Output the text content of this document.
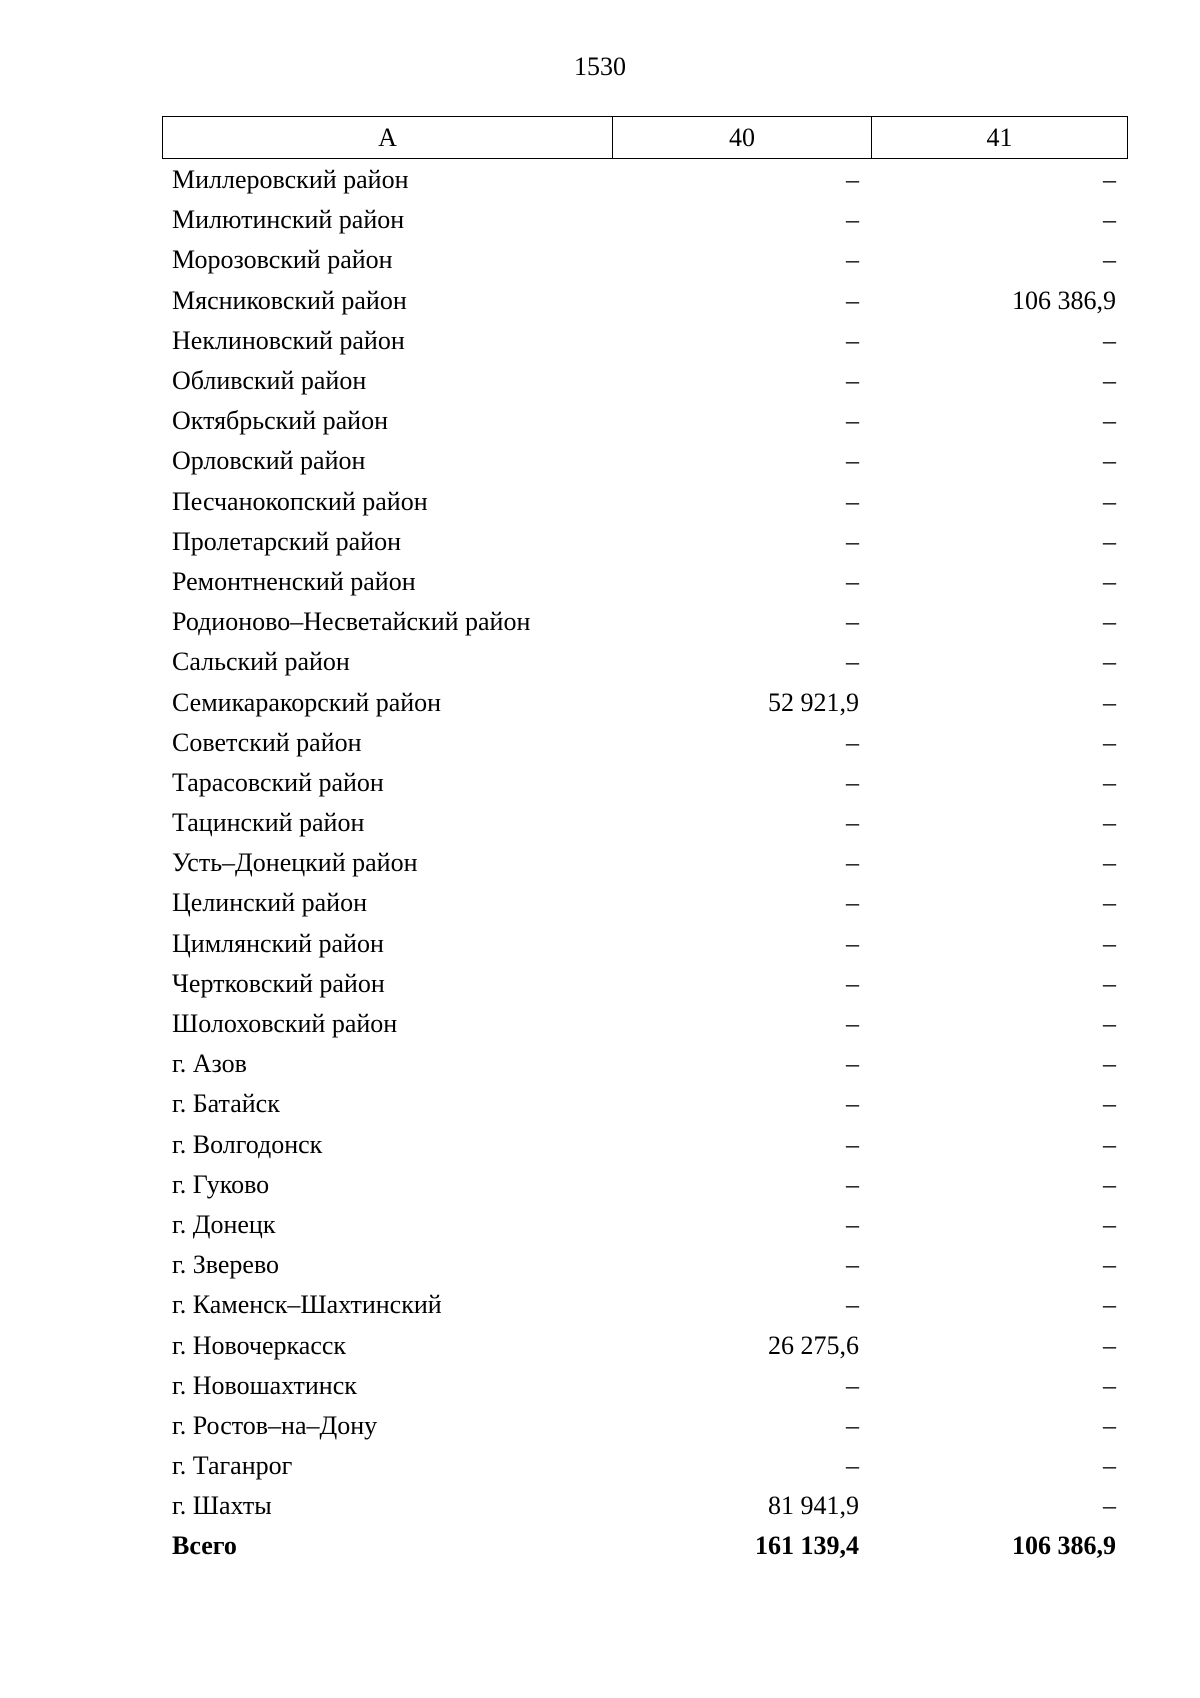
1530
А	40	41
Миллеровский район	–	–
Милютинский район	–	–
Морозовский район	–	–
Мясниковский район	–	106 386,9
Неклиновский район	–	–
Обливский район	–	–
Октябрьский район	–	–
Орловский район	–	–
Песчанокопский район	–	–
Пролетарский район	–	–
Ремонтненский район	–	–
Родионово–Несветайский район	–	–
Сальский район	–	–
Семикаракорский район	52 921,9	–
Советский район	–	–
Тарасовский район	–	–
Тацинский район	–	–
Усть–Донецкий район	–	–
Целинский район	–	–
Цимлянский район	–	–
Чертковский район	–	–
Шолоховский район	–	–
г. Азов	–	–
г. Батайск	–	–
г. Волгодонск	–	–
г. Гуково	–	–
г. Донецк	–	–
г. Зверево	–	–
г. Каменск–Шахтинский	–	–
г. Новочеркасск	26 275,6	–
г. Новошахтинск	–	–
г. Ростов–на–Дону	–	–
г. Таганрог	–	–
г. Шахты	81 941,9	–
Всего	161 139,4	106 386,9
